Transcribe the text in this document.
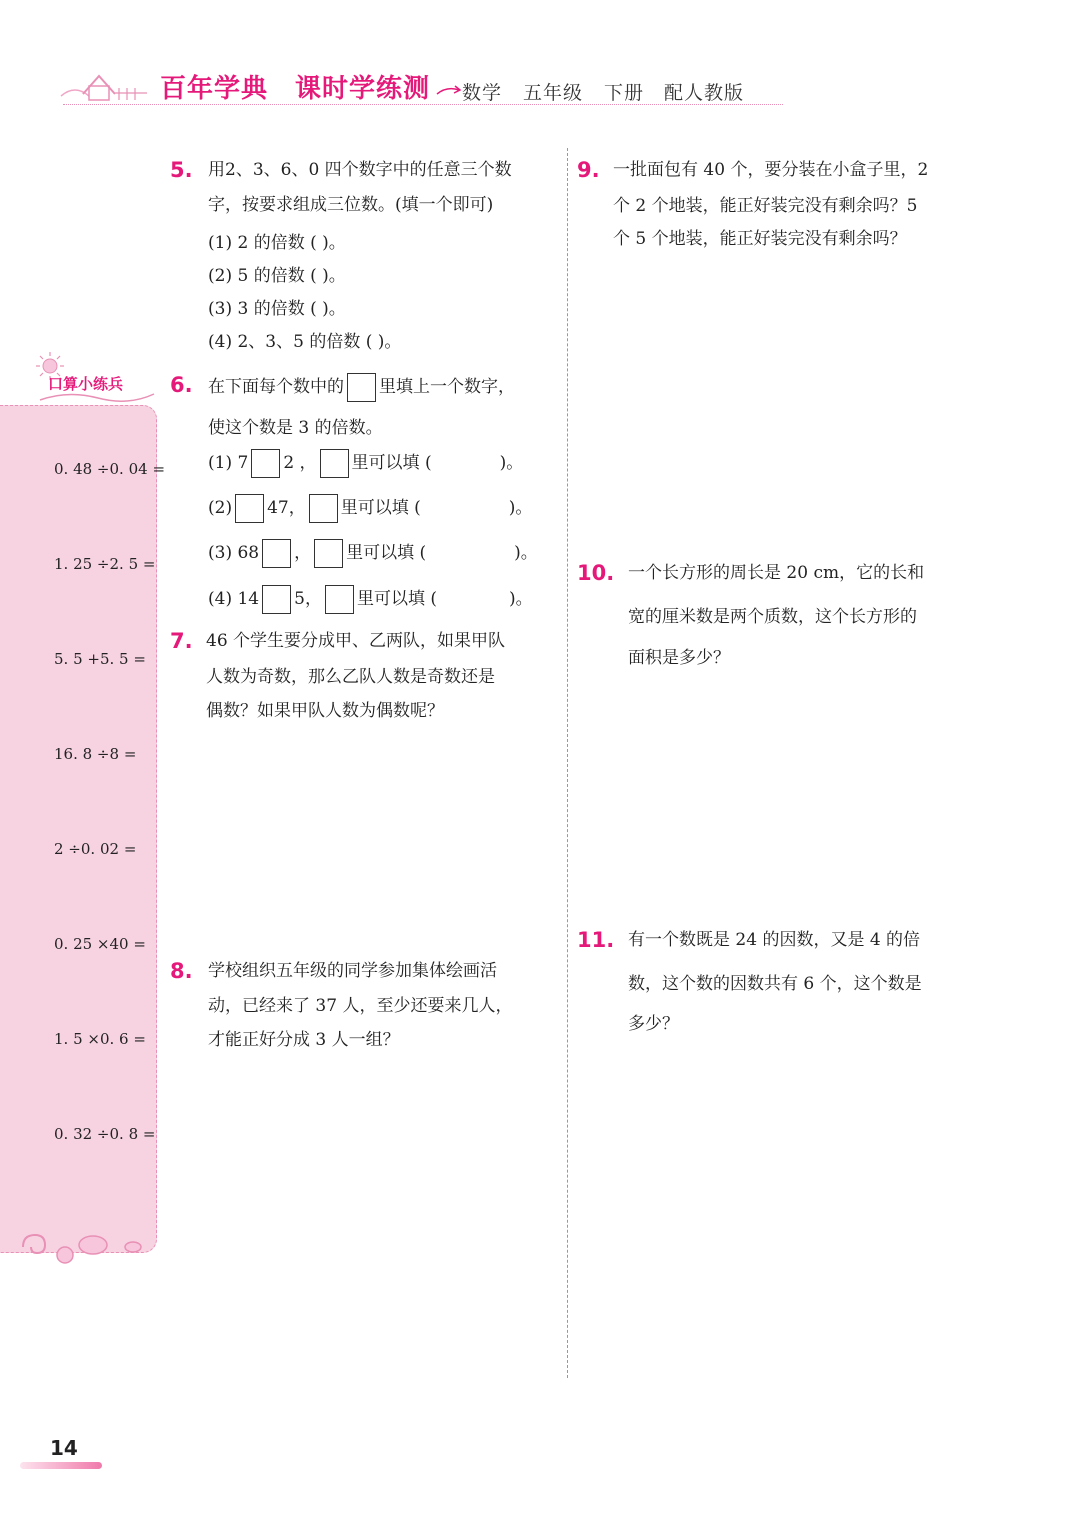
百年学典 课时学练测 数学 五年级 下册 配人教版
口算小练兵
0. 48 ÷0. 04 =
1. 25 ÷2. 5 =
5. 5 +5. 5 =
16. 8 ÷8 =
2 ÷0. 02 =
0. 25 ×40 =
1. 5 ×0. 6 =
0. 32 ÷0. 8 =
5. 用2、3、6、0 四个数字中的任意三个数
字，按要求组成三位数。(填一个即可)
(1) 2 的倍数 ( )。
(2) 5 的倍数 ( )。
(3) 3 的倍数 ( )。
(4) 2、3、5 的倍数 ( )。
6. 在下面每个数中的 里填上一个数字，
使这个数是 3 的倍数。
(1) 7 2 ， 里可以填 (	)。
(2) 47， 里可以填 (	)。
(3) 68 ， 里可以填 (	)。
(4) 14 5， 里可以填 (	)。
7. 46 个学生要分成甲、乙两队，如果甲队
人数为奇数，那么乙队人数是奇数还是
偶数？如果甲队人数为偶数呢？
8. 学校组织五年级的同学参加集体绘画活
动，已经来了 37 人，至少还要来几人，
才能正好分成 3 人一组？
9. 一批面包有 40 个，要分装在小盒子里，2
个 2 个地装，能正好装完没有剩余吗？5
个 5 个地装，能正好装完没有剩余吗？
10. 一个长方形的周长是 20 cm，它的长和
宽的厘米数是两个质数，这个长方形的
面积是多少？
11. 有一个数既是 24 的因数，又是 4 的倍
数，这个数的因数共有 6 个，这个数是
多少？
14
